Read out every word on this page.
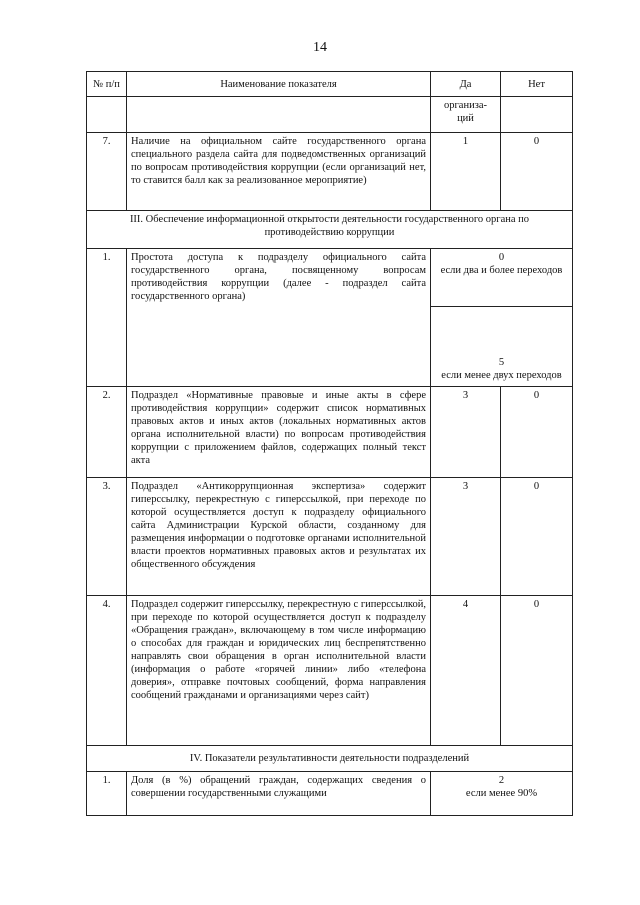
14
№ п/п	Наименование показателя	Да	Нет
		организа-
ций	
7.	Наличие на официальном сайте государственного органа специального раздела сайта для подведомственных организаций по вопросам противодействия коррупции (если организаций нет, то ставится балл как за реализованное мероприятие)	1	0
III. Обеспечение информационной открытости деятельности государственного органа по противодействию коррупции			
1.	Простота доступа к подразделу официального сайта государственного органа, посвященному вопросам противодействия коррупции (далее - подраздел сайта государственного органа)	0
если два и более переходов	

		5
если менее двух переходов	

2.	Подраздел «Нормативные правовые и иные акты в сфере противодействия коррупции» содержит список нормативных правовых актов и иных актов (локальных нормативных актов органа исполнительной власти) по вопросам противодействия коррупции с приложением файлов, содержащих полный текст акта	3	0
3.	Подраздел «Антикоррупционная экспертиза» содержит гиперссылку, перекрестную с гиперссылкой, при переходе по которой осуществляется доступ к подразделу официального сайта Администрации Курской области, созданному для размещения информации о подготовке органами исполнительной власти проектов нормативных правовых актов и результатах их общественного обсуждения	3	0
4.	Подраздел содержит гиперссылку, перекрестную с гиперссылкой, при переходе по которой осуществляется доступ к подразделу «Обращения граждан», включающему в том числе информацию о способах для граждан и юридических лиц беспрепятственно направлять свои обращения в орган исполнительной власти (информация о работе «горячей линии» либо «телефона доверия», отправке почтовых сообщений, форма направления сообщений гражданами и организациями через сайт)	4	0
IV. Показатели результативности деятельности подразделений			
1.	Доля (в %) обращений граждан, содержащих сведения о совершении государственными служащими	2
если менее 90%	
